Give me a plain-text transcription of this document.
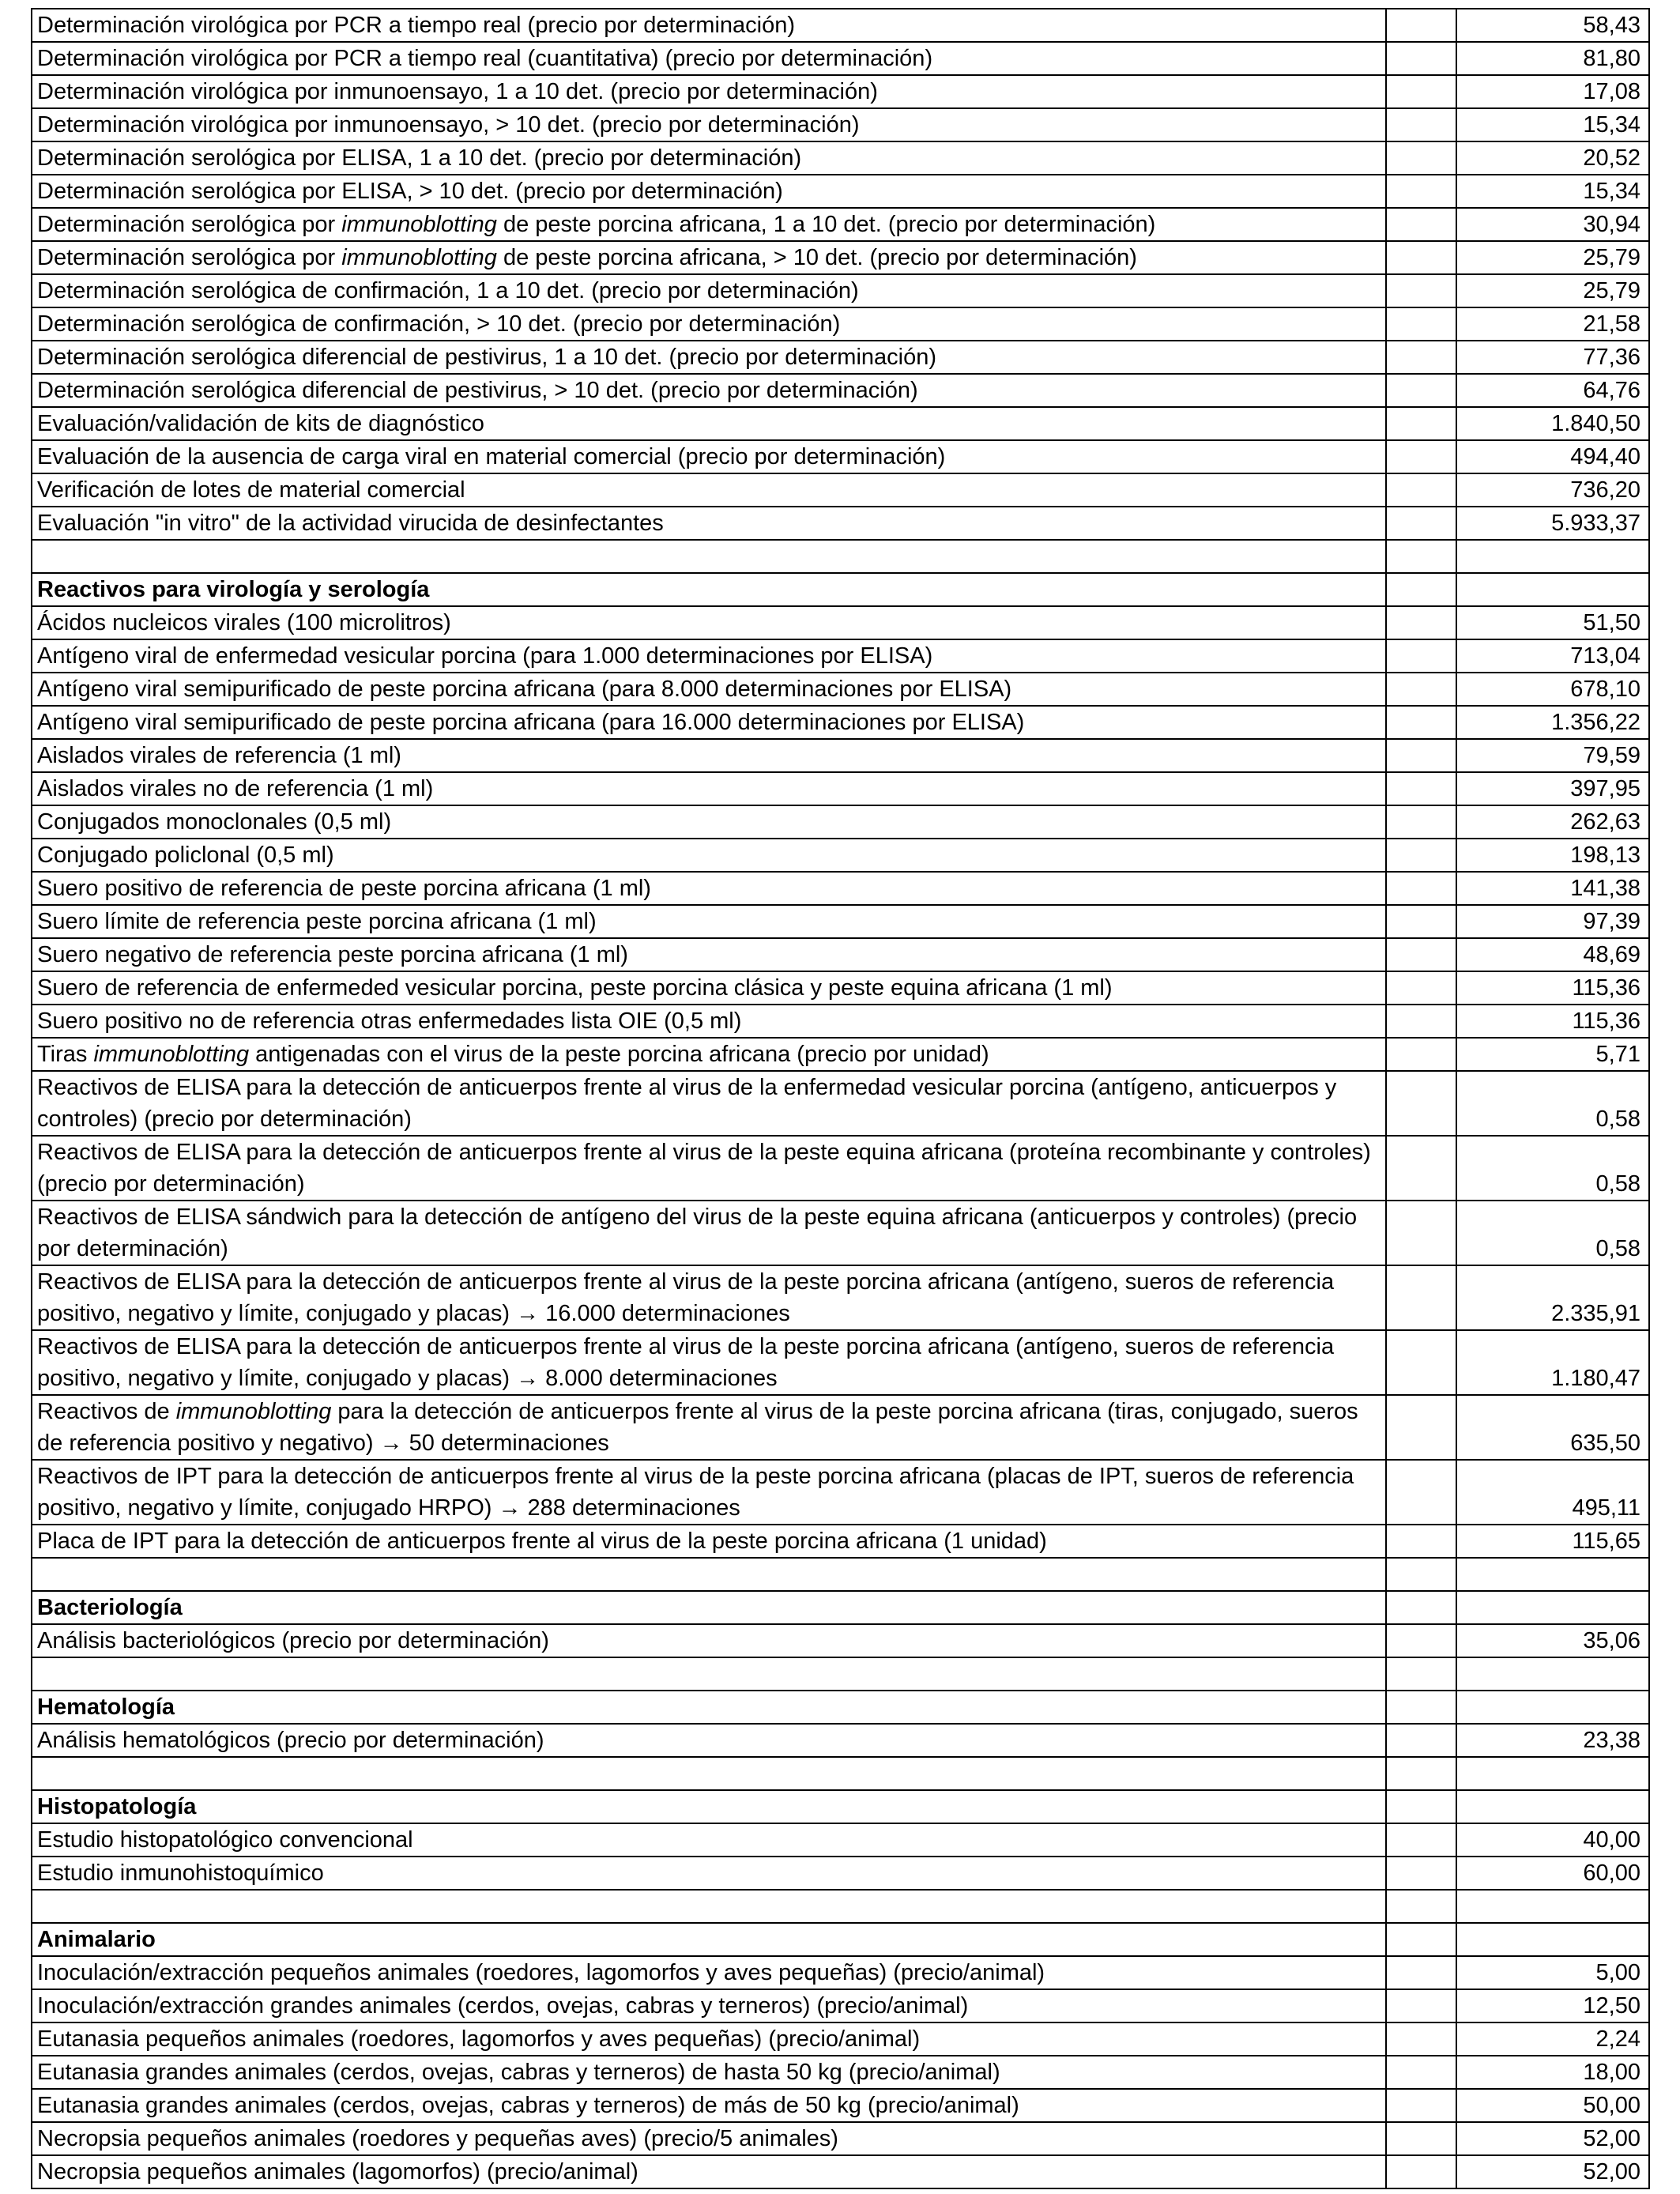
Determinación virológica por PCR a tiempo real (precio por determinación)		58,43
Determinación virológica por PCR a tiempo real (cuantitativa) (precio por determinación)		81,80
Determinación virológica por inmunoensayo, 1 a 10 det. (precio por determinación)		17,08
Determinación virológica por inmunoensayo, > 10 det. (precio por determinación)		15,34
Determinación serológica por ELISA, 1 a 10 det. (precio por determinación)		20,52
Determinación serológica por ELISA, > 10 det. (precio por determinación)		15,34
Determinación serológica por immunoblotting de peste porcina africana, 1 a 10 det. (precio por determinación)		30,94
Determinación serológica por immunoblotting de peste porcina africana, > 10 det. (precio por determinación)		25,79
Determinación serológica de confirmación, 1 a 10 det. (precio por determinación)		25,79
Determinación serológica de confirmación, > 10 det. (precio por determinación)		21,58
Determinación serológica diferencial de pestivirus, 1 a 10 det. (precio por determinación)		77,36
Determinación serológica diferencial de pestivirus, > 10 det. (precio por determinación)		64,76
Evaluación/validación de kits de diagnóstico		1.840,50
Evaluación de la ausencia de carga viral en material comercial (precio por determinación)		494,40
Verificación de lotes de material comercial		736,20
Evaluación "in vitro" de la actividad virucida de desinfectantes		5.933,37

Reactivos para virología y serología		
Ácidos nucleicos virales (100 microlitros)		51,50
Antígeno viral de enfermedad vesicular porcina (para 1.000 determinaciones por ELISA)		713,04
Antígeno viral semipurificado de peste porcina africana (para 8.000 determinaciones por ELISA)		678,10
Antígeno viral semipurificado de peste porcina africana (para 16.000 determinaciones por ELISA)		1.356,22
Aislados virales de referencia (1 ml)		79,59
Aislados virales no de referencia (1 ml)		397,95
Conjugados monoclonales (0,5 ml)		262,63
Conjugado policlonal (0,5 ml)		198,13
Suero positivo de referencia de peste porcina africana (1 ml)		141,38
Suero límite de referencia peste porcina africana (1 ml)		97,39
Suero negativo de referencia peste porcina africana (1 ml)		48,69
Suero de referencia de enfermeded vesicular porcina, peste porcina clásica y peste equina africana (1 ml)		115,36
Suero positivo no de referencia otras enfermedades lista OIE (0,5 ml)		115,36
Tiras immunoblotting antigenadas con el virus de la peste porcina africana (precio por unidad)		5,71
Reactivos de ELISA para la detección de anticuerpos frente al virus de la enfermedad vesicular porcina (antígeno, anticuerpos y controles) (precio por determinación)		0,58
Reactivos de ELISA para la detección de anticuerpos frente al virus de la peste equina africana (proteína recombinante y controles) (precio por determinación)		0,58
Reactivos de ELISA sándwich para la detección de antígeno del virus de la peste equina africana (anticuerpos y controles) (precio por determinación)		0,58
Reactivos de ELISA para la detección de anticuerpos frente al virus de la peste porcina africana (antígeno, sueros de referencia positivo, negativo y límite, conjugado y placas) → 16.000 determinaciones		2.335,91
Reactivos de ELISA para la detección de anticuerpos frente al virus de la peste porcina africana (antígeno, sueros de referencia positivo, negativo y límite, conjugado y placas) → 8.000 determinaciones		1.180,47
Reactivos de immunoblotting para la detección de anticuerpos frente al virus de la peste porcina africana (tiras, conjugado, sueros de referencia positivo y negativo) → 50 determinaciones		635,50
Reactivos de IPT para la detección de anticuerpos frente al virus de la peste porcina africana (placas de IPT, sueros de referencia positivo, negativo y límite, conjugado HRPO) → 288 determinaciones		495,11
Placa de IPT para la detección de anticuerpos frente al virus de la peste porcina africana (1 unidad)		115,65

Bacteriología		
Análisis bacteriológicos (precio por determinación)		35,06

Hematología		
Análisis hematológicos (precio por determinación)		23,38

Histopatología		
Estudio histopatológico convencional		40,00
Estudio inmunohistoquímico		60,00

Animalario		
Inoculación/extracción pequeños animales (roedores, lagomorfos y aves pequeñas) (precio/animal)		5,00
Inoculación/extracción grandes animales (cerdos, ovejas, cabras y terneros) (precio/animal)		12,50
Eutanasia pequeños animales (roedores, lagomorfos y aves pequeñas) (precio/animal)		2,24
Eutanasia grandes animales (cerdos, ovejas, cabras y terneros) de hasta 50 kg (precio/animal)		18,00
Eutanasia grandes animales (cerdos, ovejas, cabras y terneros) de más de 50 kg (precio/animal)		50,00
Necropsia pequeños animales (roedores y pequeñas aves) (precio/5 animales)		52,00
Necropsia pequeños animales (lagomorfos) (precio/animal)		52,00
